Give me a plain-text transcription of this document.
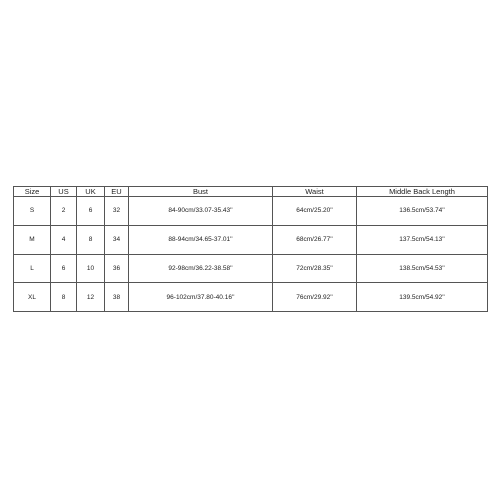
Size	US	UK	EU	Bust	Waist	Middle Back Length
S	2	6	32	84-90cm/33.07-35.43''	64cm/25.20''	136.5cm/53.74''
M	4	8	34	88-94cm/34.65-37.01''	68cm/26.77''	137.5cm/54.13''
L	6	10	36	92-98cm/36.22-38.58''	72cm/28.35''	138.5cm/54.53''
XL	8	12	38	96-102cm/37.80-40.16''	76cm/29.92''	139.5cm/54.92''
